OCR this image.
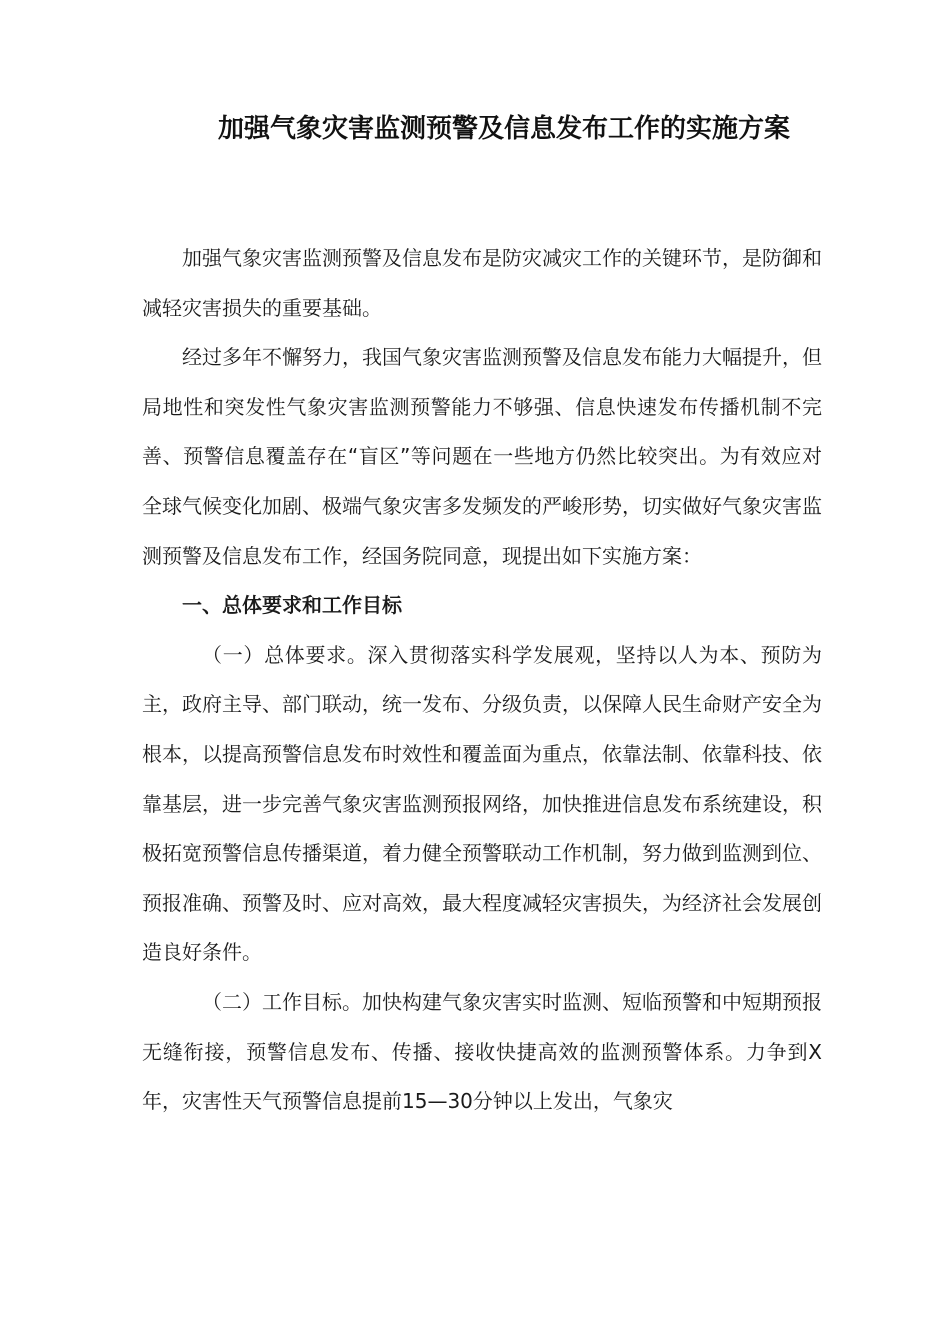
加强气象灾害监测预警及信息发布工作的实施方案

加强气象灾害监测预警及信息发布是防灾减灾工作的关键环节，是防御和减轻灾害损失的重要基础。

经过多年不懈努力，我国气象灾害监测预警及信息发布能力大幅提升，但局地性和突发性气象灾害监测预警能力不够强、信息快速发布传播机制不完善、预警信息覆盖存在“盲区”等问题在一些地方仍然比较突出。为有效应对全球气候变化加剧、极端气象灾害多发频发的严峻形势，切实做好气象灾害监测预警及信息发布工作，经国务院同意，现提出如下实施方案：

一、总体要求和工作目标

（一）总体要求。深入贯彻落实科学发展观，坚持以人为本、预防为主，政府主导、部门联动，统一发布、分级负责，以保障人民生命财产安全为根本，以提高预警信息发布时效性和覆盖面为重点，依靠法制、依靠科技、依靠基层，进一步完善气象灾害监测预报网络，加快推进信息发布系统建设，积极拓宽预警信息传播渠道，着力健全预警联动工作机制，努力做到监测到位、预报准确、预警及时、应对高效，最大程度减轻灾害损失，为经济社会发展创造良好条件。

（二）工作目标。加快构建气象灾害实时监测、短临预警和中短期预报无缝衔接，预警信息发布、传播、接收快捷高效的监测预警体系。力争到X年，灾害性天气预警信息提前15—30分钟以上发出，气象灾
